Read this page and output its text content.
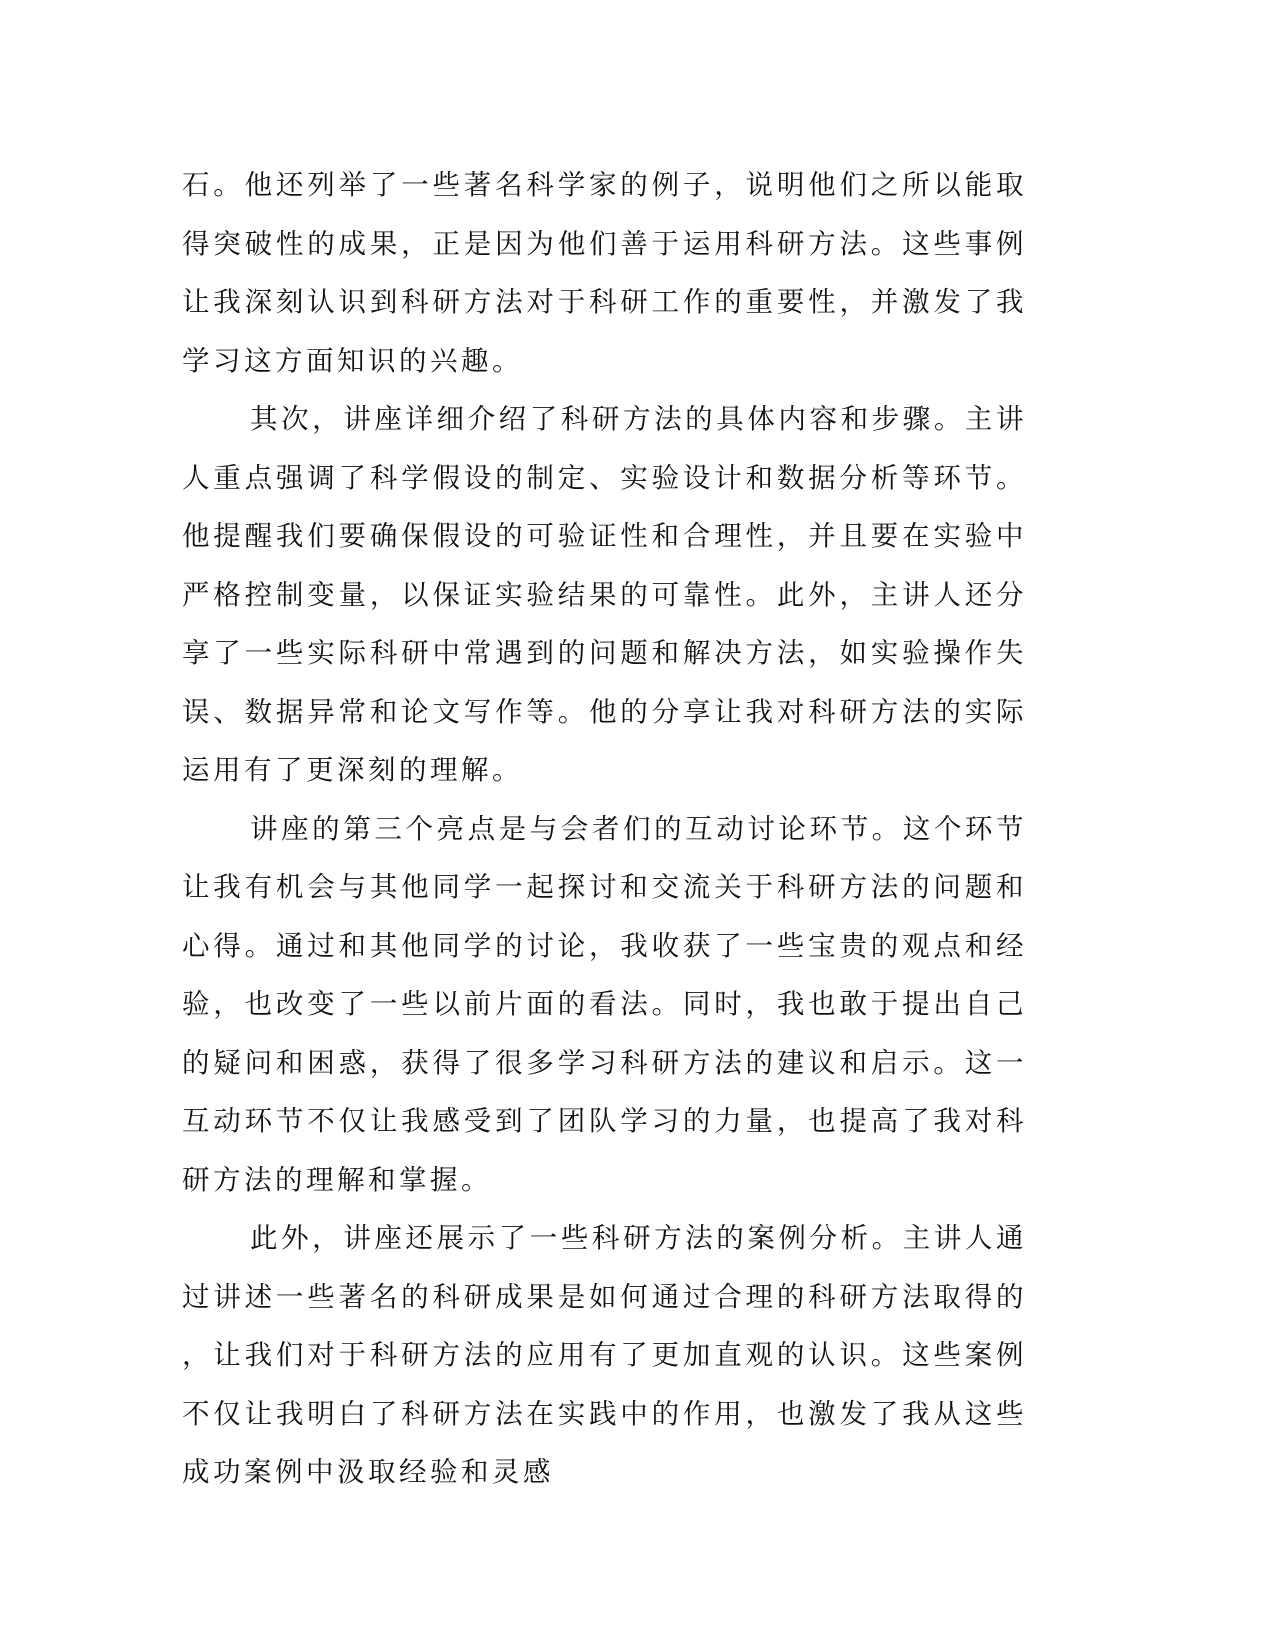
石。他还列举了一些著名科学家的例子，说明他们之所以能取得突破性的成果，正是因为他们善于运用科研方法。这些事例让我深刻认识到科研方法对于科研工作的重要性，并激发了我学习这方面知识的兴趣。

其次，讲座详细介绍了科研方法的具体内容和步骤。主讲人重点强调了科学假设的制定、实验设计和数据分析等环节。他提醒我们要确保假设的可验证性和合理性，并且要在实验中严格控制变量，以保证实验结果的可靠性。此外，主讲人还分享了一些实际科研中常遇到的问题和解决方法，如实验操作失误、数据异常和论文写作等。他的分享让我对科研方法的实际运用有了更深刻的理解。

讲座的第三个亮点是与会者们的互动讨论环节。这个环节让我有机会与其他同学一起探讨和交流关于科研方法的问题和心得。通过和其他同学的讨论，我收获了一些宝贵的观点和经验，也改变了一些以前片面的看法。同时，我也敢于提出自己的疑问和困惑，获得了很多学习科研方法的建议和启示。这一互动环节不仅让我感受到了团队学习的力量，也提高了我对科研方法的理解和掌握。

此外，讲座还展示了一些科研方法的案例分析。主讲人通过讲述一些著名的科研成果是如何通过合理的科研方法取得的，让我们对于科研方法的应用有了更加直观的认识。这些案例不仅让我明白了科研方法在实践中的作用，也激发了我从这些成功案例中汲取经验和灵感
